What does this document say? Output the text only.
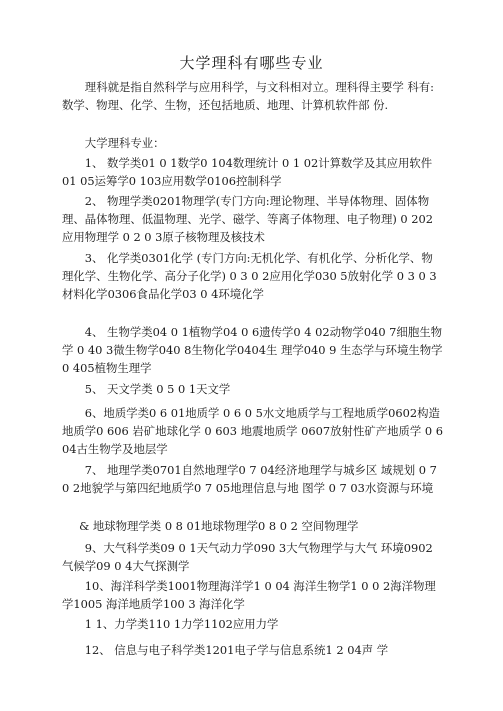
大学理科有哪些专业

理科就是指自然科学与应用科学，与文科相对立。理科得主要学 科有:数学、物理、化学、生物，还包括地质、地理、计算机软件部 份.

大学理科专业：

1、 数学类01 0 1数学0 104数理统计 0 1 02计算数学及其应用软件01 05运筹学0 103应用数学0106控制科学

2、 物理学类0201物理学(专门方向:理论物理、半导体物理、固体物理、晶体物理、低温物理、光学、磁学、等离子体物理、电子物理) 0 202应用物理学 0 2 0 3原子核物理及核技术

3、 化学类0301化学 (专门方向:无机化学、有机化学、分析化学、物理化学、生物化学、高分子化学) 0 3 0 2应用化学030 5放射化学 0 3 0 3材料化学0306食品化学03 0 4环境化学

4、 生物学类04 0 1植物学04 0 6遗传学0 4 02动物学040 7细胞生物学 0 40 3微生物学040 8生物化学0404生 理学040 9 生态学与环境生物学0 405植物生理学

5、 天文学类 0 5 0 1天文学

6、地质学类0 6 01地质学 0 6 0 5水文地质学与工程地质学0602构造地质学0 606 岩矿地球化学 0 603 地震地质学 0607放射性矿产地质学 0 6 04古生物学及地层学

7、 地理学类0701自然地理学0 7 04经济地理学与城乡区 域规划 0 7 0 2地貌学与第四纪地质学0 7 05地理信息与地 图学 0 7 03水资源与环境

& 地球物理学类 0 8 01地球物理学0 8 0 2 空间物理学

9、大气科学类09 0 1天气动力学090 3大气物理学与大气 环境0902气候学09 0 4大气探测学

10、海洋科学类1001物理海洋学1 0 04 海洋生物学1 0 0 2海洋物理学1005 海洋地质学100 3 海洋化学

1 1、力学类110 1力学1102应用力学

12、 信息与电子科学类1201电子学与信息系统1 2 04声 学
